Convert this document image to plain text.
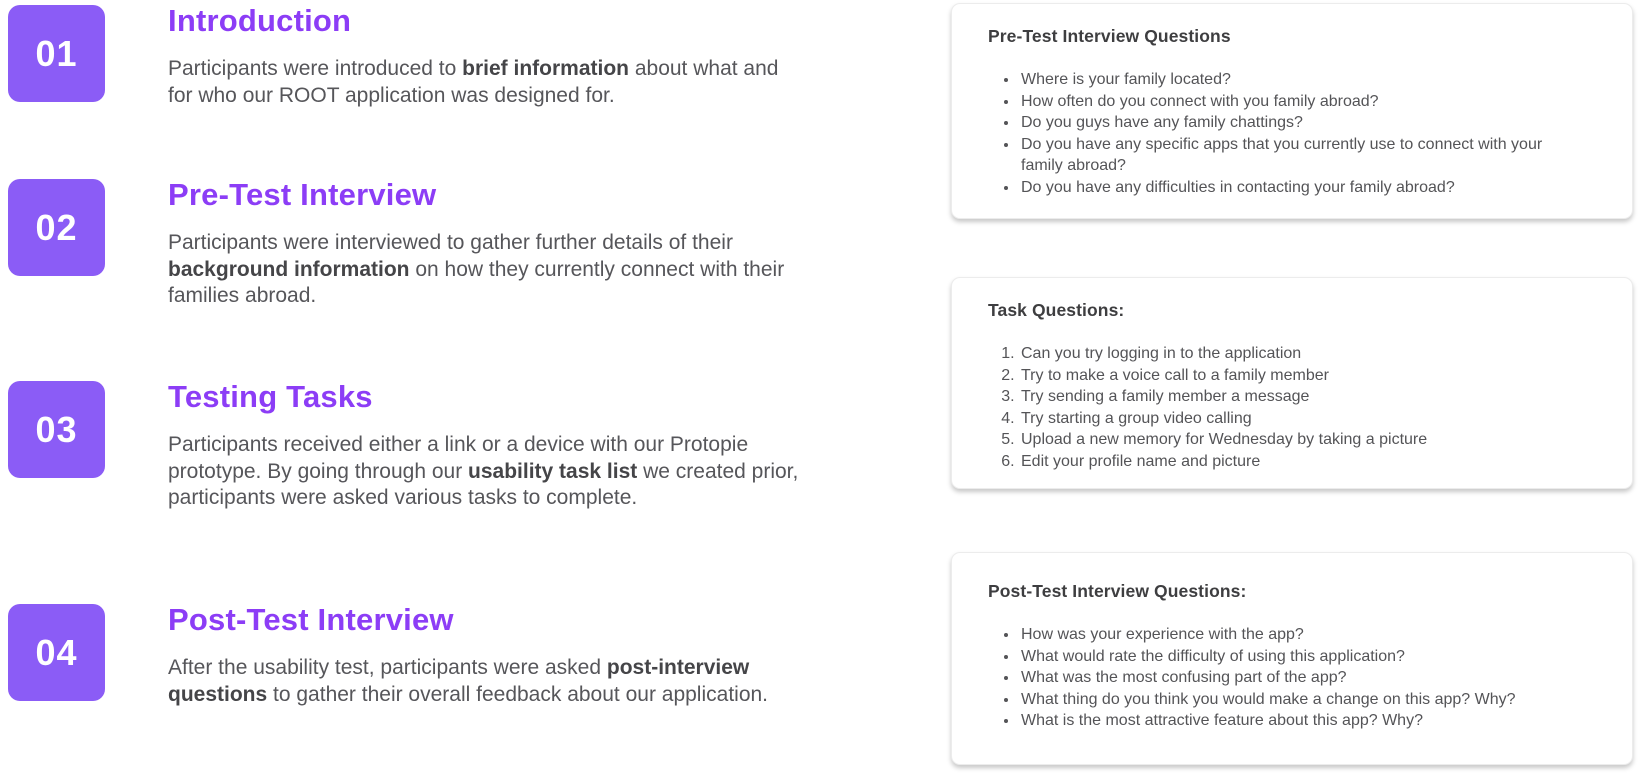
01
Introduction
Participants were introduced to brief information about what and for who our ROOT application was designed for.
02
Pre-Test Interview
Participants were interviewed to gather further details of their background information on how they currently connect with their families abroad.
03
Testing Tasks
Participants received either a link or a device with our Protopie prototype. By going through our usability task list we created prior, participants were asked various tasks to complete.
04
Post-Test Interview
After the usability test, participants were asked post-interview questions to gather their overall feedback about our application.
Pre-Test Interview Questions
• Where is your family located?
• How often do you connect with you family abroad?
• Do you guys have any family chattings?
• Do you have any specific apps that you currently use to connect with your family abroad?
• Do you have any difficulties in contacting your family abroad?
Task Questions:
1. Can you try logging in to the application
2. Try to make a voice call to a family member
3. Try sending a family member a message
4. Try starting a group video calling
5. Upload a new memory for Wednesday by taking a picture
6. Edit your profile name and picture
Post-Test Interview Questions:
• How was your experience with the app?
• What would rate the difficulty of using this application?
• What was the most confusing part of the app?
• What thing do you think you would make a change on this app? Why?
• What is the most attractive feature about this app? Why?
